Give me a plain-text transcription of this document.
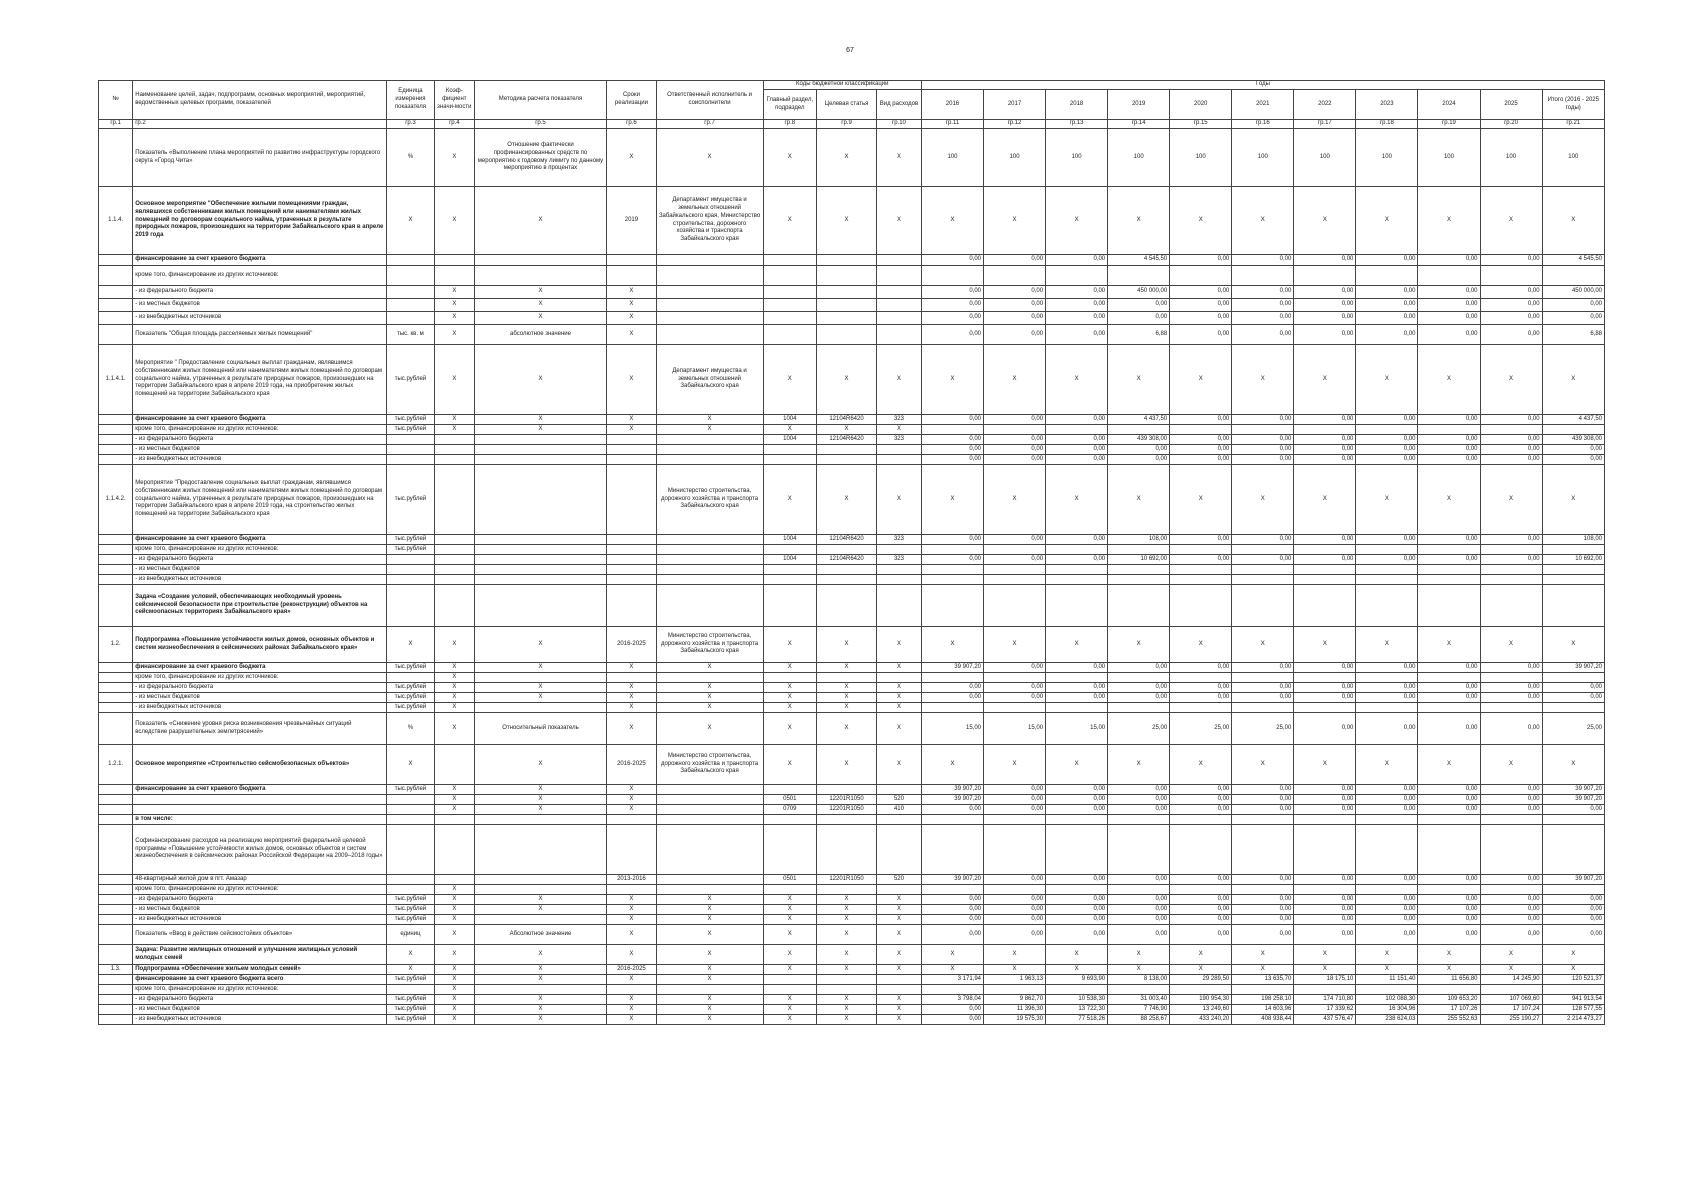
67
№	Наименование целей, задач, подпрограмм, основных мероприятий, мероприятий, ведомственных целевых программ, показателей	Единица измерения показателя	Коэф-фициент значи-мости	Методика расчета показателя	Сроки реализации	Ответственный исполнитель и соисполнители	Коды бюджетной классификации			Годы										
							Главный раздел, подраздел	Целевая статья	Вид расходов	2016	2017	2018	2019	2020	2021	2022	2023	2024	2025	Итого (2016 - 2025 годы)
гр.1	гр.2	гр.3	гр.4	гр.5	гр.6	гр.7	гр.8	гр.9	гр.10	гр.11	гр.12	гр.13	гр.14	гр.15	гр.16	гр.17	гр.18	гр.19	гр.20	гр.21
	Показатель «Выполнение плана мероприятий по развитию инфраструктуры городского округа «Город Чита»	%	X	Отношение фактически профинансированных средств по мероприятию к годовому лимиту по данному мероприятию в процентах	X	X	X	X	X	100	100	100	100	100	100	100	100	100	100	100
1.1.4.	Основное мероприятие "Обеспечение жилыми помещениями граждан, являвшихся собственниками жилых помещений или нанимателями жилых помещений по договорам социального найма, утраченных в результате природных пожаров, произошедших на территории Забайкальского края в апреле 2019 года	X	X	X	2019	Департамент имущества и земельных отношений Забайкальского края, Министерство строительства, дорожного хозяйства и транспорта Забайкальского края	X	X	X	X	X	X	X	X	X	X	X	X	X	X
	финансирование за счет краевого бюджета									0,00	0,00	0,00	4 545,50	0,00	0,00	0,00	0,00	0,00	0,00	4 545,50
	кроме того, финансирование из других источников:																			
	- из федерального бюджета		X	X	X					0,00	0,00	0,00	450 000,00	0,00	0,00	0,00	0,00	0,00	0,00	450 000,00
	- из местных бюджетов		X	X	X					0,00	0,00	0,00	0,00	0,00	0,00	0,00	0,00	0,00	0,00	0,00
	- из внебюджетных источников		X	X	X					0,00	0,00	0,00	0,00	0,00	0,00	0,00	0,00	0,00	0,00	0,00
	Показатель "Общая площадь расселяемых жилых помещений"	тыс. кв. м	X	абсолютное значение	X					0,00	0,00	0,00	6,88	0,00	0,00	0,00	0,00	0,00	0,00	6,88
1.1.4.1.	Мероприятие " Предоставление социальных выплат гражданам, являвшимся собственниками жилых помещений или нанимателями жилых помещений по договорам социального найма, утраченных в результате природных пожаров, произошедших на территории Забайкальского края в апреле 2019 года, на приобретение жилых помещений на территории Забайкальского края	тыс.рублей	X	X	X	Департамент имущества и земельных отношений Забайкальского края	X	X	X	X	X	X	X	X	X	X	X	X	X	X
	финансирование за счет краевого бюджета	тыс.рублей	X	X	X	X	1004	12104R6420	323	0,00	0,00	0,00	4 437,50	0,00	0,00	0,00	0,00	0,00	0,00	4 437,50
	кроме того, финансирование из других источников:	тыс.рублей	X	X	X	X	X	X	X											
	- из федерального бюджета						1004	12104R6420	323	0,00	0,00	0,00	439 308,00	0,00	0,00	0,00	0,00	0,00	0,00	439 308,00
	- из местных бюджетов									0,00	0,00	0,00	0,00	0,00	0,00	0,00	0,00	0,00	0,00	0,00
	- из внебюджетных источников									0,00	0,00	0,00	0,00	0,00	0,00	0,00	0,00	0,00	0,00	0,00
1.1.4.2.	Мероприятие "Предоставление социальных выплат гражданам, являвшимся собственниками жилых помещений или нанимателями жилых помещений по договорам социального найма, утраченных в результате природных пожаров, произошедших на территории Забайкальского края в апреле 2019 года, на строительство жилых помещений на территории Забайкальского края	тыс.рублей				Министерство строительства, дорожного хозяйства и транспорта Забайкальского края	X	X	X	X	X	X	X	X	X	X	X	X	X	X
	финансирование за счет краевого бюджета	тыс.рублей					1004	12104R6420	323	0,00	0,00	0,00	108,00	0,00	0,00	0,00	0,00	0,00	0,00	108,00
	кроме того, финансирование из других источников:	тыс.рублей																		
	- из федерального бюджета						1004	12104R6420	323	0,00	0,00	0,00	10 692,00	0,00	0,00	0,00	0,00	0,00	0,00	10 692,00
	- из местных бюджетов																			
	- из внебюджетных источников																			
	Задача «Создание условий, обеспечивающих необходимый уровень сейсмической безопасности при строительстве (реконструкции) объектов на сейсмоопасных территориях Забайкальского края»																			
1.2.	Подпрограмма «Повышение устойчивости жилых домов, основных объектов и систем жизнеобеспечения в сейсмических районах Забайкальского края»	X	X	X	2016-2025	Министерство строительства, дорожного хозяйства и транспорта Забайкальского края	X	X	X	X	X	X	X	X	X	X	X	X	X	X
	финансирование за счет краевого бюджета	тыс.рублей	X	X	X	X	X	X	X	39 907,20	0,00	0,00	0,00	0,00	0,00	0,00	0,00	0,00	0,00	39 907,20
	кроме того, финансирование из других источников:		X																	
	- из федерального бюджета	тыс.рублей	X	X	X	X	X	X	X	0,00	0,00	0,00	0,00	0,00	0,00	0,00	0,00	0,00	0,00	0,00
	- из местных бюджетов	тыс.рублей	X	X	X	X	X	X	X	0,00	0,00	0,00	0,00	0,00	0,00	0,00	0,00	0,00	0,00	0,00
	- из внебюджетных источников	тыс.рублей	X		X	X	X	X	X											
	Показатель «Снижение уровня риска возникновения чрезвычайных ситуаций вследствие разрушительных землетрясений»	%	X	Относительный показатель	X	X	X	X	X	15,00	15,00	15,00	25,00	25,00	25,00	0,00	0,00	0,00	0,00	25,00
1.2.1.	Основное мероприятие «Строительство сейсмобезопасных объектов»	X		X	2016-2025	Министерство строительства, дорожного хозяйства и транспорта Забайкальского края	X	X	X	X	X	X	X	X	X	X	X	X	X	X
	финансирование за счет краевого бюджета	тыс.рублей	X	X	X					39 907,20	0,00	0,00	0,00	0,00	0,00	0,00	0,00	0,00	0,00	39 907,20
			X	X	X		0501	12201R1050	520	39 907,20	0,00	0,00	0,00	0,00	0,00	0,00	0,00	0,00	0,00	39 907,20
			X	X	X		0709	12201R1050	410	0,00	0,00	0,00	0,00	0,00	0,00	0,00	0,00	0,00	0,00	0,00
	в том числе:																			
	Софинансирование расходов на реализацию мероприятий федеральной целевой программы «Повышение устойчивости жилых домов, основных объектов и систем жизнеобеспечения в сейсмических районах Российской Федерации на 2009–2018 годы»																			
	48-квартирный жилой дом в пгт. Амазар				2013-2016		0501	12201R1050	520	39 907,20	0,00	0,00	0,00	0,00	0,00	0,00	0,00	0,00	0,00	39 907,20
	кроме того, финансирование из других источников:		X																	
	- из федерального бюджета	тыс.рублей	X	X	X	X	X	X	X	0,00	0,00	0,00	0,00	0,00	0,00	0,00	0,00	0,00	0,00	0,00
	- из местных бюджетов	тыс.рублей	X	X	X	X	X	X	X	0,00	0,00	0,00	0,00	0,00	0,00	0,00	0,00	0,00	0,00	0,00
	- из внебюджетных источников	тыс.рублей	X		X	X	X	X	X	0,00	0,00	0,00	0,00	0,00	0,00	0,00	0,00	0,00	0,00	0,00
	Показатель «Ввод в действие сейсмостойких объектов»	единиц	X	Абсолютное значение	X	X	X	X	X	0,00	0,00	0,00	0,00	0,00	0,00	0,00	0,00	0,00	0,00	0,00
	Задача: Развитие жилищных отношений и улучшение жилищных условий молодых семей	X	X	X	X	X	X	X	X	X	X	X	X	X	X	X	X	X	X	X
1.3.	Подпрограмма «Обеспечение жильем молодых семей»	X	X	X	2016-2025	X	X	X	X	X	X	X	X	X	X	X	X	X	X	X
	финансирование за счет краевого бюджета всего	тыс.рублей	X	X	X	X				3 171,94	1 963,13	9 693,90	8 138,00	29 289,50	13 635,70	18 175,10	11 151,40	11 656,80	14 245,90	120 521,37
	кроме того, финансирование из других источников:		X																	
	- из федерального бюджета	тыс.рублей	X	X	X	X	X	X	X	3 798,04	9 862,70	10 538,30	31 003,40	190 954,30	198 258,10	174 710,80	102 088,30	109 653,20	107 069,60	941 913,54
	- из местных бюджетов	тыс.рублей	X	X	X	X	X	X	X	0,00	11 396,30	13 722,30	7 746,90	13 249,60	14 603,96	17 339,62	16 304,96	17 107,26	17 107,24	128 577,55
	- из внебюджетных источников	тыс.рублей	X	X	X	X	X	X	X	0,00	19 575,30	77 518,26	88 258,67	433 240,20	408 938,44	437 576,47	238 624,03	255 552,63	255 190,27	2 214 473,27
